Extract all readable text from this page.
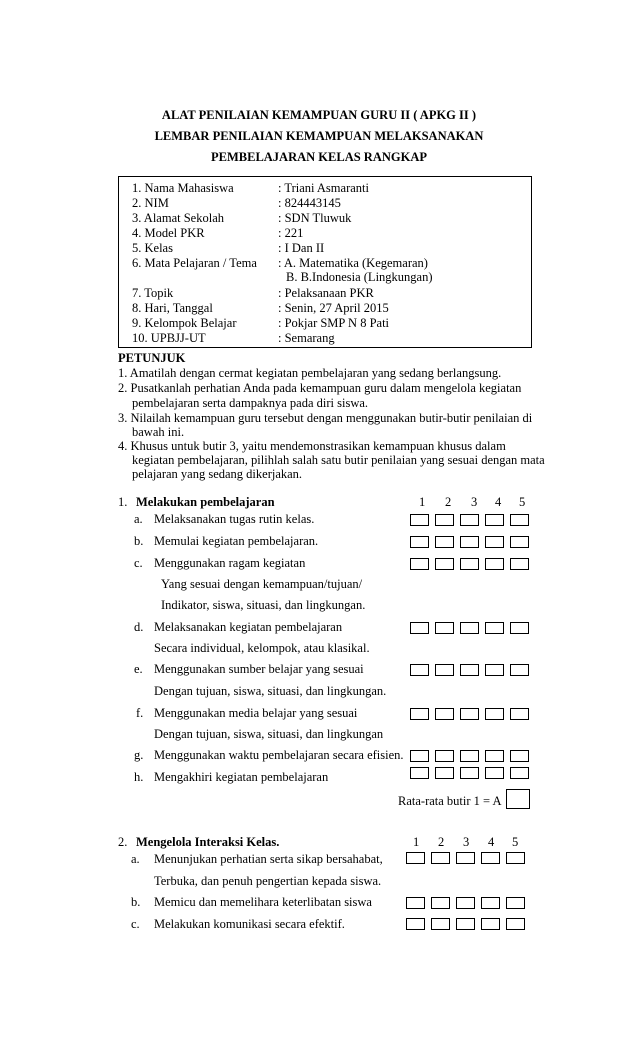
ALAT PENILAIAN KEMAMPUAN GURU II ( APKG II )
LEMBAR PENILAIAN KEMAMPUAN MELAKSANAKAN
PEMBELAJARAN KELAS RANGKAP
1. Nama Mahasiswa	: Triani Asmaranti
2. NIM	: 824443145
3. Alamat Sekolah	: SDN Tluwuk
4. Model PKR	: 221
5. Kelas	: I Dan II
6. Mata Pelajaran / Tema : A. Matematika (Kegemaran)
B. B.Indonesia (Lingkungan)
7. Topik	: Pelaksanaan PKR
8. Hari, Tanggal	: Senin, 27 April 2015
9. Kelompok Belajar	: Pokjar SMP N 8 Pati
10. UPBJJ-UT	: Semarang
PETUNJUK
1. Amatilah dengan cermat kegiatan pembelajaran yang sedang berlangsung.
2. Pusatkanlah perhatian Anda pada kemampuan guru dalam mengelola kegiatan
pembelajaran serta dampaknya pada diri siswa.
3. Nilailah kemampuan guru tersebut dengan menggunakan butir-butir penilaian di
bawah ini.
4. Khusus untuk butir 3, yaitu mendemonstrasikan kemampuan khusus dalam
kegiatan pembelajaran, pilihlah salah satu butir penilaian yang sesuai dengan mata
pelajaran yang sedang dikerjakan.
1. Melakukan pembelajaran	1 2 3 4 5
a. Melaksanakan tugas rutin kelas.
b. Memulai kegiatan pembelajaran.
c. Menggunakan ragam kegiatan
Yang sesuai dengan kemampuan/tujuan/
Indikator, siswa, situasi, dan lingkungan.
d. Melaksanakan kegiatan pembelajaran
Secara individual, kelompok, atau klasikal.
e. Menggunakan sumber belajar yang sesuai
Dengan tujuan, siswa, situasi, dan lingkungan.
f. Menggunakan media belajar yang sesuai
Dengan tujuan, siswa, situasi, dan lingkungan
g. Menggunakan waktu pembelajaran secara efisien.
h. Mengakhiri kegiatan pembelajaran
Rata-rata butir 1 = A
2. Mengelola Interaksi Kelas.	1 2 3 4 5
a. Menunjukan perhatian serta sikap bersahabat,
Terbuka, dan penuh pengertian kepada siswa.
b. Memicu dan memelihara keterlibatan siswa
c. Melakukan komunikasi secara efektif.
